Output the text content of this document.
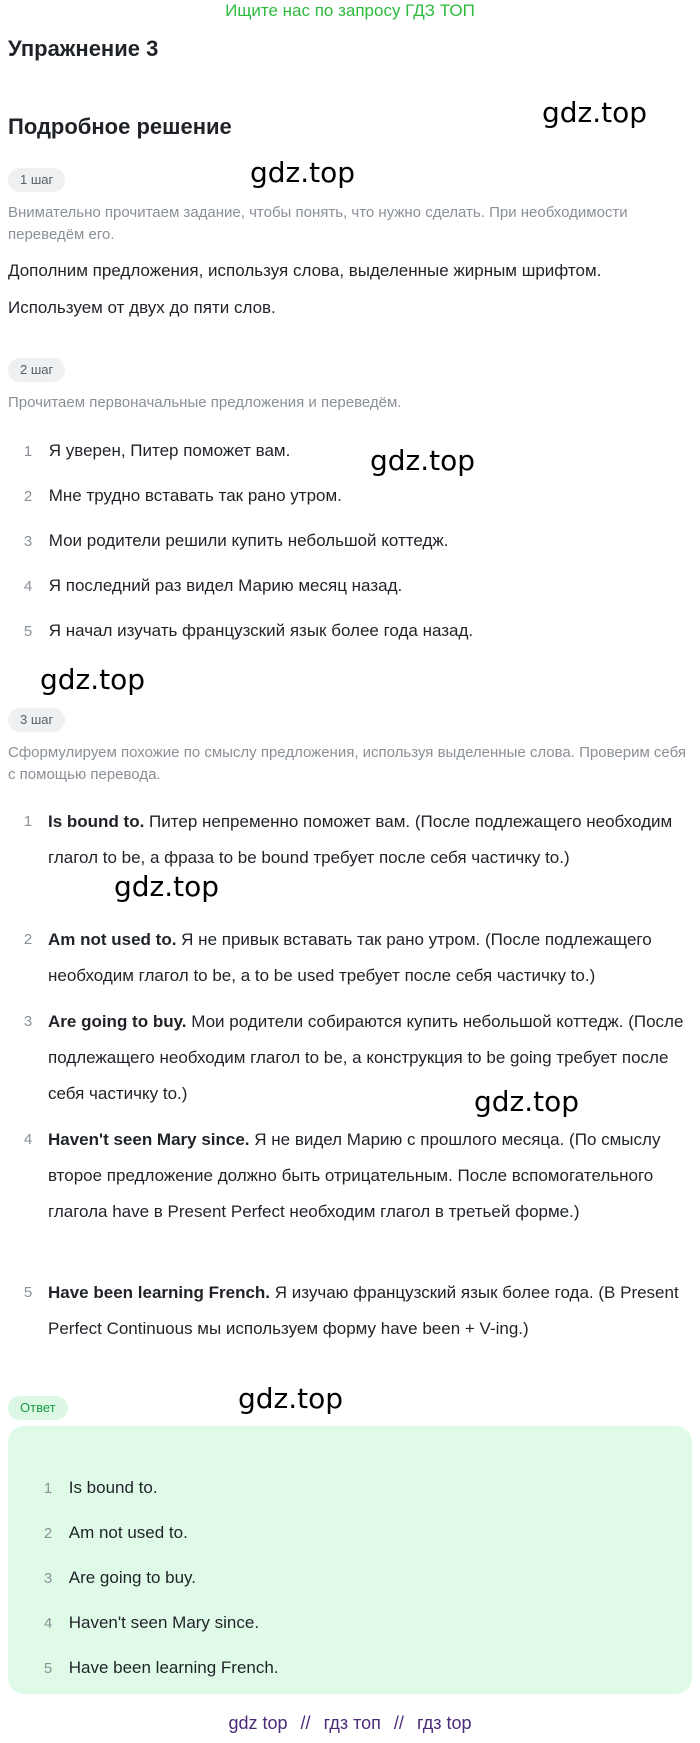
Ищите нас по запросу ГДЗ ТОП
Упражнение 3
Подробное решение	gdz.top
gdz.top
gdz.top
gdz.top
gdz.top
gdz.top
gdz.top
1 шаг
Внимательно прочитаем задание, чтобы понять, что нужно сделать. При необходимости переведём его.
Дополним предложения, используя слова, выделенные жирным шрифтом.
Используем от двух до пяти слов.
2 шаг
Прочитаем первоначальные предложения и переведём.
1 Я уверен, Питер поможет вам.
2 Мне трудно вставать так рано утром.
3 Мои родители решили купить небольшой коттедж.
4 Я последний раз видел Марию месяц назад.
5 Я начал изучать французский язык более года назад.
3 шаг
Сформулируем похожие по смыслу предложения, используя выделенные слова. Проверим себя с помощью перевода.
1 Is bound to. Питер непременно поможет вам. (После подлежащего необходим глагол to be, а фраза to be bound требует после себя частичку to.)
2 Am not used to. Я не привык вставать так рано утром. (После подлежащего необходим глагол to be, а to be used требует после себя частичку to.)
3 Are going to buy. Мои родители собираются купить небольшой коттедж. (После подлежащего необходим глагол to be, а конструкция to be going требует после себя частичку to.)
4 Haven't seen Mary since. Я не видел Марию с прошлого месяца. (По смыслу второе предложение должно быть отрицательным. После вспомогательного глагола have в Present Perfect необходим глагол в третьей форме.)
5 Have been learning French. Я изучаю французский язык более года. (В Present Perfect Continuous мы используем форму have been + V-ing.)
Ответ
1 Is bound to.
2 Am not used to.
3 Are going to buy.
4 Haven't seen Mary since.
5 Have been learning French.
gdz top // гдз топ // гдз top
